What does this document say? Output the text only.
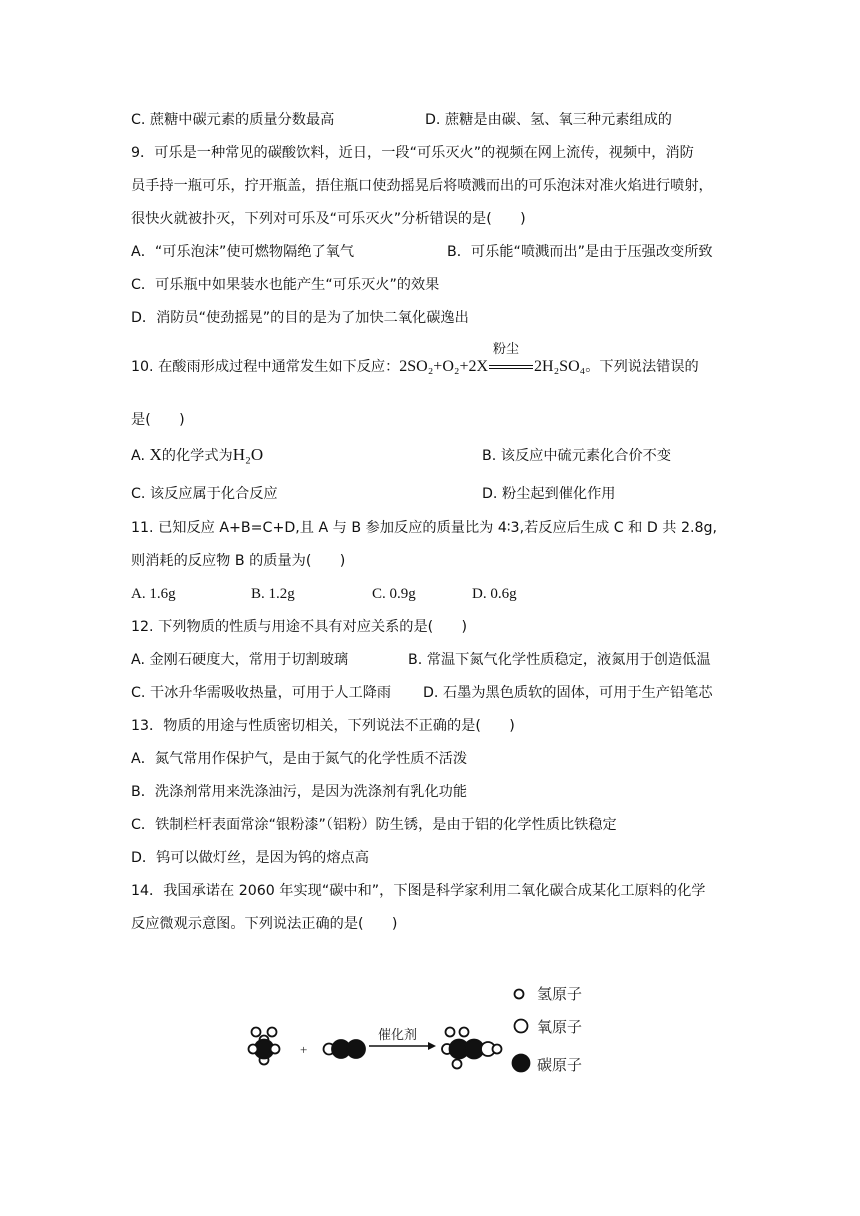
C. 蔗糖中碳元素的质量分数最高	D. 蔗糖是由碳、氢、氧三种元素组成的
9．可乐是一种常见的碳酸饮料，近日，一段“可乐灭火”的视频在网上流传，视频中，消防
员手持一瓶可乐，拧开瓶盖，捂住瓶口使劲摇晃后将喷溅而出的可乐泡沫对准火焰进行喷射，
很快火就被扑灭，下列对可乐及“可乐灭火”分析错误的是(　　)
A．“可乐泡沫”使可燃物隔绝了氧气	B．可乐能“喷溅而出”是由于压强改变所致
C．可乐瓶中如果装水也能产生“可乐灭火”的效果
D．消防员“使劲摇晃”的目的是为了加快二氧化碳逸出
10. 在酸雨形成过程中通常发生如下反应：2SO₂+O₂+2X
粉尘
2H₂SO₄。下列说法错误的
是(　　)
A. X的化学式为H₂O	B. 该反应中硫元素化合价不变
C. 该反应属于化合反应	D. 粉尘起到催化作用
11. 已知反应 A+B=C+D,且 A 与 B 参加反应的质量比为 4∶3,若反应后生成 C 和 D 共 2.8g,
则消耗的反应物 B 的质量为(　　)
A. 1.6g	B. 1.2g	C. 0.9g	D. 0.6g
12. 下列物质的性质与用途不具有对应关系的是(　　)
A. 金刚石硬度大，常用于切割玻璃	B. 常温下氮气化学性质稳定，液氮用于创造低温
C. 干冰升华需吸收热量，可用于人工降雨 D. 石墨为黑色质软的固体，可用于生产铅笔芯
13．物质的用途与性质密切相关，下列说法不正确的是(　　)
A．氮气常用作保护气，是由于氮气的化学性质不活泼
B．洗涤剂常用来洗涤油污，是因为洗涤剂有乳化功能
C．铁制栏杆表面常涂“银粉漆”（铝粉）防生锈，是由于铝的化学性质比铁稳定
D．钨可以做灯丝，是因为钨的熔点高
14．我国承诺在 2060 年实现“碳中和”，下图是科学家利用二氧化碳合成某化工原料的化学
反应微观示意图。下列说法正确的是(　　)
+
催化剂
氢原子
氧原子
碳原子
